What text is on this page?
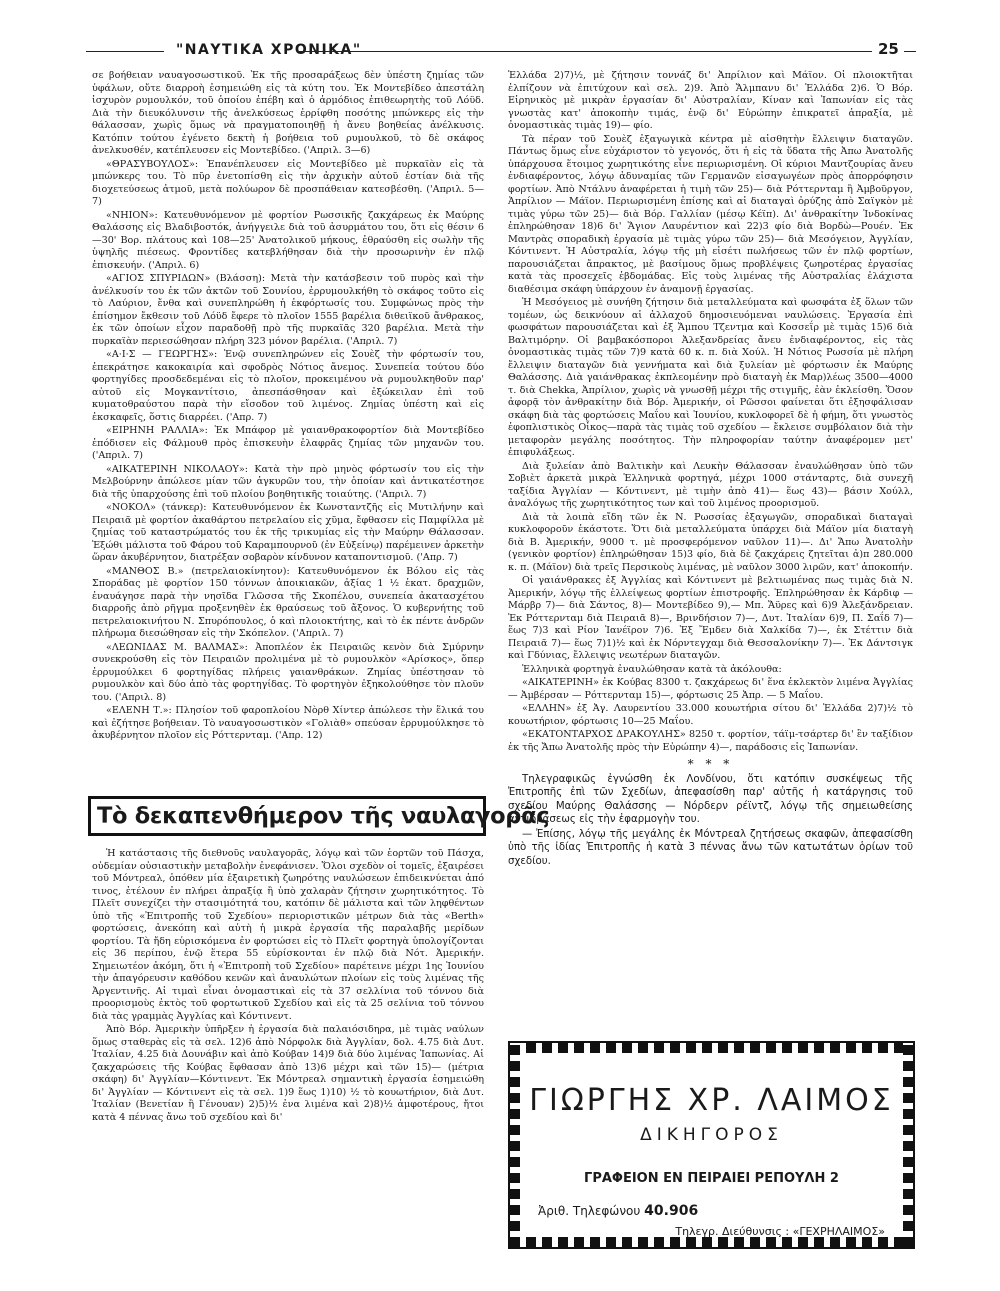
"ΝΑΥΤΙΚΑ ΧΡΟΝΙΚΑ"	25

σε βοήθειαν ναυαγοσωστικοῦ. Ἐκ τῆς προσαράξεως δὲν ὑπέστη ζημίας τῶν ὑφάλων, οὔτε διαρροὴ ἐσημειώθη εἰς τὰ κύτη του. Ἐκ Μοντεβίδεο ἀπεστάλη ἰσχυρὸν ρυμουλκόν, τοῦ ὁποίου ἐπέβη καὶ ὁ ἀρμόδιος ἐπιθεωρητὴς τοῦ Λόϋδ. Διὰ τὴν διευκόλυνσιν τῆς ἀνελκύσεως ἐρρίφθη ποσότης μπώνκερς εἰς τὴν θάλασσαν, χωρὶς ὅμως νὰ πραγματοποιηθῇ ἡ ἄνευ βοηθείας ἀνέλκυσις. Κατόπιν τούτου ἐγένετο δεκτὴ ἡ βοήθεια τοῦ ρυμουλκοῦ, τὸ δὲ σκάφος ἀνελκυσθέν, κατέπλευσεν εἰς Μοντεβίδεο. ('Απριλ. 3—6)

«ΘΡΑΣΥΒΟΥΛΟΣ»: Ἐπανέπλευσεν εἰς Μοντεβίδεο μὲ πυρκαϊὰν εἰς τὰ μπώνκερς του. Τὸ πῦρ ἐνετοπίσθη εἰς τὴν ἀρχικὴν αὐτοῦ ἑστίαν διὰ τῆς διοχετεύσεως ἀτμοῦ, μετὰ πολύωρον δὲ προσπάθειαν κατεσβέσθη. ('Απριλ. 5—7)

«ΝΗΙΟΝ»: Κατευθυνόμενον μὲ φορτίον Ρωσσικῆς ζακχάρεως ἐκ Μαύρης Θαλάσσης εἰς Βλαδιβοστόκ, ἀνήγγειλε διὰ τοῦ ἀσυρμάτου του, ὅτι εἰς θέσιν 6—30' Βορ. πλάτους καὶ 108—25' Ἀνατολικοῦ μήκους, ἐθραύσθη εἰς σωλὴν τῆς ὑψηλῆς πιέσεως. Φροντίδες κατεβλήθησαν διὰ τὴν προσωρινὴν ἐν πλῷ ἐπισκευήν. ('Απριλ. 6)

«ΑΓΙΟΣ ΣΠΥΡΙΔΩΝ» (Βλάσση): Μετὰ τὴν κατάσβεσιν τοῦ πυρὸς καὶ τὴν ἀνέλκυσίν του ἐκ τῶν ἀκτῶν τοῦ Σουνίου, ἐρρυμουλκήθη τὸ σκάφος τοῦτο εἰς τὸ Λαύριον, ἔνθα καὶ συνεπληρώθη ἡ ἐκφόρτωσίς του. Συμφώνως πρὸς τὴν ἐπίσημον ἔκθεσιν τοῦ Λόϋδ ἔφερε τὸ πλοῖον 1555 βαρέλια διθειϊκοῦ ἄνθρακος, ἐκ τῶν ὁποίων εἶχον παραδοθῇ πρὸ τῆς πυρκαϊᾶς 320 βαρέλια. Μετὰ τὴν πυρκαϊὰν περιεσώθησαν πλήρη 323 μόνον βαρέλια. ('Απριλ. 7)

«Α·Ι·Σ — ΓΕΩΡΓΗΣ»: Ἐνῷ συνεπληρώνεν εἰς Σουὲζ τὴν φόρτωσίν του, ἐπεκράτησε κακοκαιρία καὶ σφοδρὸς Νότιος ἄνεμος. Συνεπεία τούτου δύο φορτηγίδες προσδεδεμέναι εἰς τὸ πλοῖον, προκειμένου νὰ ρυμουλκηθοῦν παρ' αὐτοῦ εἰς Μογκαντίτσιο, ἀπεσπάσθησαν καὶ ἐξώκειλαν ἐπὶ τοῦ κυματοθραύστου παρὰ τὴν εἴσοδον τοῦ λιμένος. Ζημίας ὑπέστη καὶ εἰς ἐκσκαφεῖς, ὅστις διαρρέει. ('Απρ. 7)

«ΕΙΡΗΝΗ ΡΑΛΛΙΑ»: Ἐκ Μπάφορ μὲ γαιανθρακοφορτίον διὰ Μοντεβίδεο ἐπόδισεν εἰς Φάλμουθ πρὸς ἐπισκευὴν ἐλαφρᾶς ζημίας τῶν μηχανῶν του. ('Απριλ. 7)

«ΑΙΚΑΤΕΡΙΝΗ ΝΙΚΟΛΑΟΥ»: Κατὰ τὴν πρὸ μηνὸς φόρτωσίν του εἰς τὴν Μελβούρνην ἀπώλεσε μίαν τῶν ἀγκυρῶν του, τὴν ὁποίαν καὶ ἀντικατέστησε διὰ τῆς ὑπαρχούσης ἐπὶ τοῦ πλοίου βοηθητικῆς τοιαύτης. ('Απριλ. 7)

«ΝΟΚΟΛ» (τάνκερ): Κατευθυνόμενον ἐκ Κωνσταντζῆς εἰς Μυτιλήνην καὶ Πειραιᾶ μὲ φορτίον ἀκαθάρτου πετρελαίου εἰς χῦμα, ἔφθασεν εἰς Παμφίλλα μὲ ζημίας τοῦ καταστρώματός του ἐκ τῆς τρικυμίας εἰς τὴν Μαύρην Θάλασσαν. Ἐξώθι μάλιστα τοῦ Φάρου τοῦ Καραμπουρνοῦ (ἐν Εὐξείνῳ) παρέμεινεν ἀρκετὴν ὥραν ἀκυβέρνητον, διατρέξαν σοβαρὸν κίνδυνον καταποντισμοῦ. ('Απρ. 7)

«ΜΑΝΘΟΣ Β.» (πετρελαιοκίνητον): Κατευθυνόμενον ἐκ Βόλου εἰς τὰς Σποράδας μὲ φορτίον 150 τόννων ἀποικιακῶν, ἀξίας 1 ½ ἑκατ. δραχμῶν, ἐναυάγησε παρὰ τὴν νησῖδα Γλῶσσα τῆς Σκοπέλου, συνεπεία ἀκατασχέτου διαρροῆς ἀπὸ ρῆγμα προξενηθὲν ἐκ θραύσεως τοῦ ἄξονος. Ὁ κυβερνήτης τοῦ πετρελαιοκινήτου Ν. Σπυρόπουλος, ὁ καὶ πλοιοκτήτης, καὶ τὸ ἐκ πέντε ἀνδρῶν πλήρωμα διεσώθησαν εἰς τὴν Σκόπελον. ('Απριλ. 7)

«ΛΕΩΝΙΔΑΣ Μ. ΒΑΛΜΑΣ»: Ἀποπλέον ἐκ Πειραιῶς κενὸν διὰ Σμύρνην συνεκρούσθη εἰς τὸν Πειραιῶν προλιμένα μὲ τὸ ρυμουλκὸν «Αρίσκος», ὅπερ ἐρρυμούλκει 6 φορτηγίδας πλήρεις γαιανθράκων. Ζημίας ὑπέστησαν τὸ ρυμουλκὸν καὶ δύο ἀπὸ τὰς φορτηγίδας. Τὸ φορτηγὸν ἐξηκολούθησε τὸν πλοῦν του. ('Απριλ. 8)

«ΕΛΕΝΗ Τ.»: Πλησίον τοῦ φαροπλοίου Νὸρθ Χίντερ ἀπώλεσε τὴν ἕλικά του καὶ ἐζήτησε βοήθειαν. Τὸ ναυαγοσωστικὸν «Γολιὰθ» σπεύσαν ἐρρυμούλκησε τὸ ἀκυβέρνητον πλοῖον εἰς Ρόττερνταμ. ('Απρ. 12)

Τὸ δεκαπενθήμερον τῆς ναυλαγορᾶς

Ἡ κατάστασις τῆς διεθνοῦς ναυλαγορᾶς, λόγῳ καὶ τῶν ἑορτῶν τοῦ Πάσχα, οὐδεμίαν οὐσιαστικὴν μεταβολὴν ἐνεφάνισεν. Ὅλοι σχεδὸν οἱ τομεῖς, ἐξαιρέσει τοῦ Μόντρεαλ, ὁπόθεν μία ἐξαιρετικὴ ζωηρότης ναυλώσεων ἐπιδεικνύεται ἀπό τινος, ἐτέλουν ἐν πλήρει ἀπραξίᾳ ἢ ὑπὸ χαλαρὰν ζήτησιν χωρητικότητος. Τὸ Πλεῖτ συνεχίζει τὴν στασιμότητά του, κατόπιν δὲ μάλιστα καὶ τῶν ληφθέντων ὑπὸ τῆς «Ἐπιτροπῆς τοῦ Σχεδίου» περιοριστικῶν μέτρων διὰ τὰς «Berth» φορτώσεις, ἀνεκόπη καὶ αὐτὴ ἡ μικρὰ ἐργασία τῆς παραλαβῆς μερίδων φορτίου. Τὰ ἤδη εὑρισκόμενα ἐν φορτώσει εἰς τὸ Πλεῖτ φορτηγὰ ὑπολογίζονται εἰς 36 περίπου, ἐνῷ ἕτερα 55 εὑρίσκονται ἐν πλῷ διὰ Νότ. Ἀμερικήν. Σημειωτέον ἀκόμη, ὅτι ἡ «Ἐπιτροπὴ τοῦ Σχεδίου» παρέτεινε μέχρι 1ης Ἰουνίου τὴν ἀπαγόρευσιν καθόδου κενῶν καὶ ἀναυλώτων πλοίων εἰς τοὺς λιμένας τῆς Ἀργεντινῆς. Αἱ τιμαὶ εἶναι ὀνομαστικαὶ εἰς τὰ 37 σελλίνια τοῦ τόννου διὰ προορισμοὺς ἐκτὸς τοῦ φορτωτικοῦ Σχεδίου καὶ εἰς τὰ 25 σελίνια τοῦ τόννου διὰ τὰς γραμμὰς Ἀγγλίας καὶ Κόντινεντ.

Ἀπὸ Βόρ. Ἀμερικὴν ὑπῆρξεν ἡ ἐργασία διὰ παλαιόσιδηρα, μὲ τιμὰς ναύλων ὅμως σταθερὰς εἰς τὰ σελ. 12)6 ἀπὸ Νόρφολκ διὰ Ἀγγλίαν, δολ. 4.75 διὰ Δυτ. Ἰταλίαν, 4.25 διὰ Δουνάβιν καὶ ἀπὸ Κούβαν 14)9 διὰ δύο λιμένας Ἰαπωνίας. Αἱ ζακχαρώσεις τῆς Κούβας ἔφθασαν ἀπὸ 13)6 μέχρι καὶ τῶν 15)— (μέτρια σκάφη) δι' Ἀγγλίαν—Κόντινεντ. Ἐκ Μόντρεαλ σημαντικὴ ἐργασία ἐσημειώθη δι' Ἀγγλίαν — Κόντινεντ εἰς τὰ σελ. 1)9 ἕως 1)10) ½ τὸ κουωτήριον, διὰ Δυτ. Ἰταλίαν (Βενετίαν ἢ Γένουαν) 2)5)½ ἐνα λιμένα καὶ 2)8)½ ἀμφοτέρους, ἤτοι κατὰ 4 πέννας ἄνω τοῦ σχεδίου καὶ δι'

Ἑλλάδα 2)7)½, μὲ ζήτησιν τοννάζ δι' Ἀπρίλιον καὶ Μάϊον. Οἱ πλοιοκτῆται ἐλπίζουν νὰ ἐπιτύχουν καὶ σελ. 2)9. Ἀπὸ Ἄλμπανυ δι' Ἑλλάδα 2)6. Ὁ Βόρ. Εἰρηνικὸς μὲ μικρὰν ἐργασίαν δι' Αὐστραλίαν, Κίναν καὶ Ἰαπωνίαν εἰς τὰς γνωστὰς κατ' ἀποκοπὴν τιμάς, ἐνῷ δι' Εὐρώπην ἐπικρατεῖ ἀπραξία, μὲ ὀνομαστικὰς τιμὰς 19)— φίο.

Τὰ πέραν τοῦ Σουὲζ ἐξαγωγικὰ κέντρα μὲ αἰσθητὴν ἔλλειψιν διαταγῶν. Πάντως ὅμως εἶνε εὐχάριστον τὸ γεγονός, ὅτι ἡ εἰς τὰ ὕδατα τῆς Ἀπω Ἀνατολῆς ὑπάρχουσα ἕτοιμος χωρητικότης εἶνε περιωρισμένη. Οἱ κύριοι Μαντζουρίας ἄνευ ἐνδιαφέροντος, λόγῳ ἀδυναμίας τῶν Γερμανῶν εἰσαγωγέων πρὸς ἀπορρόφησιν φορτίων. Ἀπὸ Ντάλνυ ἀναφέρεται ἡ τιμὴ τῶν 25)— διὰ Ρόττερνταμ ἢ Ἀμβοῦργον, Ἀπρίλιον — Μάϊον. Περιωρισμένη ἐπίσης καὶ αἱ διαταγαὶ ὀρύζης ἀπὸ Σαϊγκὸν μὲ τιμὰς γύρω τῶν 25)— διὰ Βόρ. Γαλλίαν (μέσῳ Κέϊπ). Δι' ἀνθρακίτην Ἰνδοκίνας ἐπληρώθησαν 18)6 δι' Ἅγιον Λαυρέντιον καὶ 22)3 φίο διὰ Βορδὼ—Ρουέν. Ἐκ Μαντρὰς σποραδικὴ ἐργασία μὲ τιμὰς γύρω τῶν 25)— διὰ Μεσόγειον, Ἀγγλίαν, Κόντινεντ. Ἡ Αὐστραλία, λόγῳ τῆς μὴ εἰσέτι πωλήσεως τῶν ἐν πλῷ φορτίων, παρουσιάζεται ἄπρακτος, μὲ βασίμους ὅμως προβλέψεις ζωηροτέρας ἐργασίας κατὰ τὰς προσεχεῖς ἑβδομάδας. Εἰς τοὺς λιμένας τῆς Αὐστραλίας ἐλάχιστα διαθέσιμα σκάφη ὑπάρχουν ἐν ἀναμονῇ ἐργασίας.

Ἡ Μεσόγειος μὲ συνήθη ζήτησιν διὰ μεταλλεύματα καὶ φωσφάτα ἐξ ὅλων τῶν τομέων, ὡς δεικνύουν αἱ ἀλλαχοῦ δημοσιευόμεναι ναυλώσεις. Ἐργασία ἐπὶ φωσφάτων παρουσιάζεται καὶ ἐξ Ἄμπου Τζεντμα καὶ Κοσσεΐρ μὲ τιμὰς 15)6 διὰ Βαλτιμόρην. Οἱ βαμβακόσποροι Ἀλεξανδρείας ἄνευ ἐνδιαφέροντος, εἰς τὰς ὀνομαστικὰς τιμὰς τῶν 7)9 κατὰ 60 κ. π. διὰ Χούλ. Ἡ Νότιος Ρωσσία μὲ πλήρη ἔλλειψιν διαταγῶν διὰ γεννήματα καὶ διὰ ξυλείαν μὲ φόρτωσιν ἐκ Μαύρης Θαλάσσης. Διὰ γαιάνθρακας ἐκπλεομένην πρὸ διαταγὴ ἐκ Μαρ)λέως 3500—4000 τ. διὰ Chekka, Ἀπρίλιον, χωρὶς νὰ γνωσθῇ μέχρι τῆς στιγμῆς, ἐὰν ἐκλείσθη. Ὅσον ἀφορᾷ τὸν ἀνθρακίτην διὰ Βόρ. Ἀμερικήν, οἱ Ρῶσσοι φαίνεται ὅτι ἐξησφάλισαν σκάφη διὰ τὰς φορτώσεις Μαΐου καὶ Ἰουνίου, κυκλοφορεῖ δὲ ἡ φήμη, ὅτι γνωστὸς ἐφοπλιστικὸς Οἶκος—παρὰ τὰς τιμὰς τοῦ σχεδίου — ἔκλεισε συμβόλαιον διὰ τὴν μεταφορὰν μεγάλης ποσότητος. Τὴν πληροφορίαν ταύτην ἀναφέρομεν μετ' ἐπιφυλάξεως.

Διὰ ξυλείαν ἀπὸ Βαλτικὴν καὶ Λευκὴν Θάλασσαν ἐναυλώθησαν ὑπὸ τῶν Σοβιὲτ ἀρκετὰ μικρὰ Ἑλληνικὰ φορτηγά, μέχρι 1000 στάνταρτς, διὰ συνεχῆ ταξίδια Ἀγγλίαν — Κόντινεντ, μὲ τιμὴν ἀπὸ 41)— ἕως 43)— βάσιν Χούλλ, ἀναλόγως τῆς χωρητικότητος των καὶ τοῦ λιμένος προορισμοῦ.

Διὰ τὰ λοιπὰ εἴδη τῶν ἐκ Ν. Ρωσσίας ἐξαγωγῶν, σποραδικαὶ διαταγαὶ κυκλοφοροῦν ἑκάστοτε. Ὅτι διὰ μεταλλεύματα ὑπάρχει διὰ Μάϊον μία διαταγὴ διὰ Β. Ἀμερικήν, 9000 τ. μὲ προσφερόμενον ναῦλον 11)—. Δι' Ἄπω Ἀνατολὴν (γενικὸν φορτίον) ἐπληρώθησαν 15)3 φίο, διὰ δὲ ζακχάρεις ζητεῖται ἀ)π 280.000 κ. π. (Μάϊον) διὰ τρεῖς Περσικοὺς λιμένας, μὲ ναῦλον 3000 λιρῶν, κατ' ἀποκοπήν.

Οἱ γαιάνθρακες ἐξ Ἀγγλίας καὶ Κόντινεντ μὲ βελτιωμένας πως τιμὰς διὰ Ν. Ἀμερικήν, λόγῳ τῆς ἐλλείψεως φορτίων ἐπιστροφῆς. Ἐπληρώθησαν ἐκ Κάρδιφ — Μάρβρ 7)— διὰ Σάντος, 8)— Μοντεβίδεο 9),— Μπ. Ἄϋρες καὶ 6)9 Ἀλεξάνδρειαν. Ἐκ Ρόττερνταμ διὰ Πειραιᾶ 8)—, Βρινδήσιον 7)—, Δυτ. Ἰταλίαν 6)9, Π. Σαΐδ 7)— ἕως 7)3 καὶ Ρίον Ἰανέϊρον 7)6. Ἐξ Ἔμδεν διὰ Χαλκίδα 7)—, ἐκ Στέττιν διὰ Πειραιᾶ 7)— ἕως 7)1)½ καὶ ἐκ Νόρντεγχαμ διὰ Θεσσαλονίκην 7)—. Ἐκ Δάντσιγκ καὶ Γδύνιας, ἔλλειψις νεωτέρων διαταγῶν.

Ἑλληνικὰ φορτηγὰ ἐναυλώθησαν κατὰ τὰ ἀκόλουθα:

«ΑΙΚΑΤΕΡΙΝΗ» ἐκ Κούβας 8300 τ. ζακχάρεως δι' ἕνα ἐκλεκτὸν λιμένα Ἀγγλίας — Ἀμβέρσαν — Ρόττερνταμ 15)—, φόρτωσις 25 Ἀπρ. — 5 Μαΐου.

«ΕΛΛΗΝ» ἐξ Ἀγ. Λαυρεντίου 33.000 κουωτήρια σίτου δι' Ἑλλάδα 2)7)½ τὸ κουωτήριον, φόρτωσις 10—25 Μαΐου.

«ΕΚΑΤΟΝΤΑΡΧΟΣ ΔΡΑΚΟΥΛΗΣ» 8250 τ. φορτίον, τάϊμ-τσάρτερ δι' ἓν ταξίδιον ἐκ τῆς Ἄπω Ἀνατολῆς πρὸς τὴν Εὐρώπην 4)—, παράδοσις εἰς Ἰαπωνίαν.

* * *

Τηλεγραφικῶς ἐγνώσθη ἐκ Λονδίνου, ὅτι κατόπιν συσκέψεως τῆς Ἐπιτροπῆς ἐπὶ τῶν Σχεδίων, ἀπεφασίσθη παρ' αὐτῆς ἡ κατάργησις τοῦ σχεδίου Μαύρης Θαλάσσης — Νόρδερν ρέϊντζ, λόγῳ τῆς σημειωθείσης ἀντιδράσεως εἰς τὴν ἐφαρμογὴν του.

— Ἐπίσης, λόγῳ τῆς μεγάλης ἐκ Μόντρεαλ ζητήσεως σκαφῶν, ἀπεφασίσθη ὑπὸ τῆς ἰδίας Ἐπιτροπῆς ἡ κατὰ 3 πέννας ἄνω τῶν κατωτάτων ὁρίων τοῦ σχεδίου.

ΓΙΩΡΓΗΣ ΧΡ. ΛΑΙΜΟΣ
ΔΙΚΗΓΟΡΟΣ
ΓΡΑΦΕΙΟΝ ΕΝ ΠΕΙΡΑΙΕΙ ΡΕΠΟΥΛΗ 2
Ἀριθ. Τηλεφώνου 40.906
Τηλεγρ. Διεύθυνσις : «ΓΕΧΡΗΛΑΙΜΟΣ»
